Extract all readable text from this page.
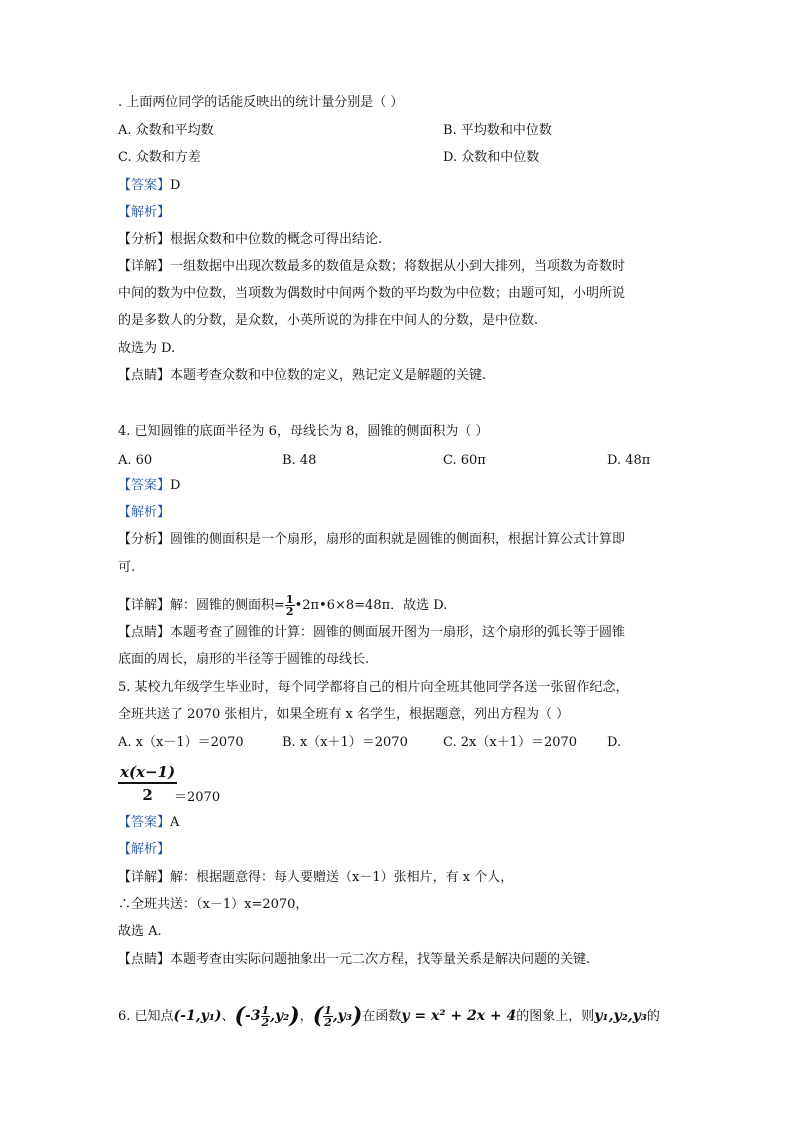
. 上面两位同学的话能反映出的统计量分别是（ ）
A. 众数和平均数	B. 平均数和中位数
C. 众数和方差	D. 众数和中位数
【答案】D
【解析】
【分析】根据众数和中位数的概念可得出结论.
【详解】一组数据中出现次数最多的数值是众数；将数据从小到大排列，当项数为奇数时
中间的数为中位数，当项数为偶数时中间两个数的平均数为中位数；由题可知，小明所说
的是多数人的分数，是众数，小英所说的为排在中间人的分数，是中位数.
故选为 D.
【点睛】本题考查众数和中位数的定义，熟记定义是解题的关键.
4. 已知圆锥的底面半径为 6，母线长为 8，圆锥的侧面积为（ ）
A. 60	B. 48	C. 60π	D. 48π
【答案】D
【解析】
【分析】圆锥的侧面积是一个扇形，扇形的面积就是圆锥的侧面积，根据计算公式计算即
可.
【详解】解：圆锥的侧面积= $\frac{1}{2}$ •2π•6×8=48π．故选 D.
【点睛】本题考查了圆锥的计算：圆锥的侧面展开图为一扇形，这个扇形的弧长等于圆锥
底面的周长，扇形的半径等于圆锥的母线长.
5. 某校九年级学生毕业时，每个同学都将自己的相片向全班其他同学各送一张留作纪念，
全班共送了 2070 张相片，如果全班有 x 名学生，根据题意，列出方程为（ ）
A. x（x－1）＝2070	B. x（x＋1）＝2070	C. 2x（x＋1）＝2070 D.
$\frac{x(x-1)}{2}$
＝2070
【答案】A
【解析】
【详解】解：根据题意得：每人要赠送（x－1）张相片，有 x 个人，
∴全班共送：（x－1）x=2070，
故选 A.
【点睛】本题考查由实际问题抽象出一元二次方程，找等量关系是解决问题的关键.
6. 已知点(-1,y₁)、$(-3 \frac{1}{2} ,y_2)$，( $\frac{1}{2} ,y_3$)在函数y = x² + 2x + 4的图象上，则y₁,y₂,y₃的
